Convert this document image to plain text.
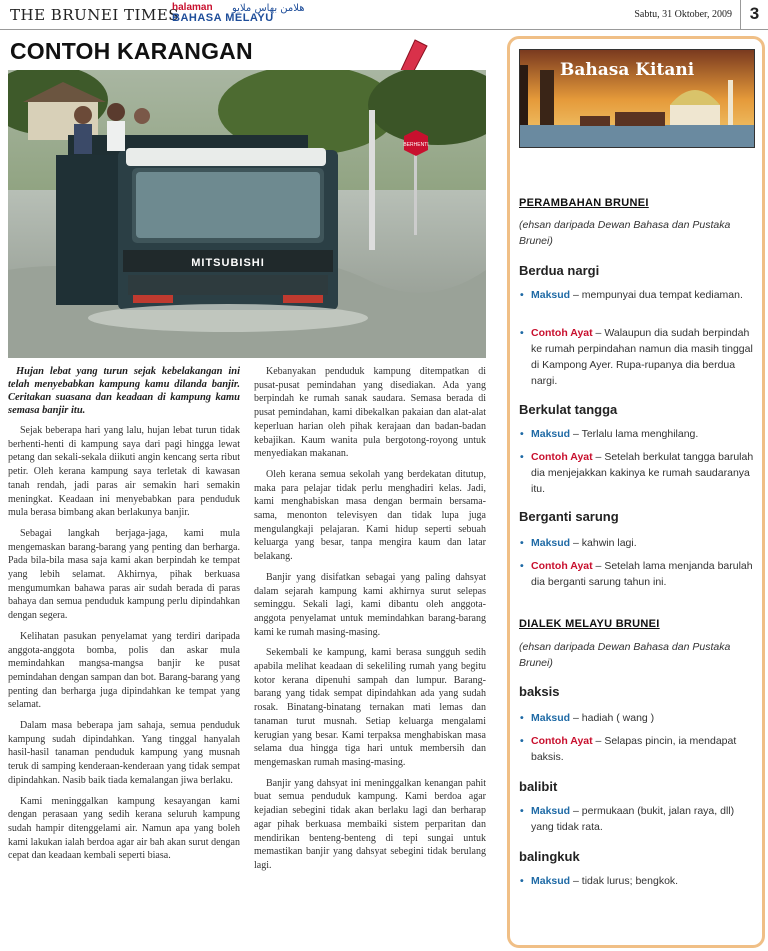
THE BRUNEI TIMES
halaman
BAHASA MELAYU
هلامن بهاس ملايو
Sabtu, 31 Oktober, 2009	3
CONTOH KARANGAN
BERHENTI
MITSUBISHI

Hujan lebat yang turun sejak kebelakangan ini telah menyebabkan kampung kamu dilanda banjir. Ceritakan suasana dan keadaan di kampung kamu semasa banjir itu.

Sejak beberapa hari yang lalu, hujan lebat turun tidak berhenti-henti di kampung saya dari pagi hingga lewat petang dan sekali-sekala diikuti angin kencang serta ribut petir. Oleh kerana kampung saya terletak di kawasan tanah rendah, jadi paras air semakin hari semakin meningkat. Keadaan ini menyebabkan para penduduk mula berasa bimbang akan berlakunya banjir.

Sebagai langkah berjaga-jaga, kami mula mengemaskan barang-barang yang penting dan berharga. Pada bila-bila masa saja kami akan berpindah ke tempat yang lebih selamat. Akhirnya, pihak berkuasa mengumumkan bahawa paras air sudah berada di paras bahaya dan semua penduduk kampung perlu dipindahkan dengan segera.

Kelihatan pasukan penyelamat yang terdiri daripada anggota-anggota bomba, polis dan askar mula memindahkan mangsa-mangsa banjir ke pusat pemindahan dengan sampan dan bot. Barang-barang yang penting dan berharga juga dipindahkan ke tempat yang selamat.

Dalam masa beberapa jam sahaja, semua penduduk kampung sudah dipindahkan. Yang tinggal hanyalah hasil-hasil tanaman penduduk kampung yang musnah teruk di samping kenderaan-kenderaan yang tidak sempat dipindahkan. Nasib baik tiada kemalangan jiwa berlaku.

Kami meninggalkan kampung kesayangan kami dengan perasaan yang sedih kerana seluruh kampung sudah hampir ditenggelami air. Namun apa yang boleh kami lakukan ialah berdoa agar air bah akan surut dengan cepat dan keadaan kembali seperti biasa.

Kebanyakan penduduk kampung ditempatkan di pusat-pusat pemindahan yang disediakan. Ada yang berpindah ke rumah sanak saudara. Semasa berada di pusat pemindahan, kami dibekalkan pakaian dan alat-alat keperluan harian oleh pihak kerajaan dan badan-badan kebajikan. Kaum wanita pula bergotong-royong untuk menyediakan makanan.

Oleh kerana semua sekolah yang berdekatan ditutup, maka para pelajar tidak perlu menghadiri kelas. Jadi, kami menghabiskan masa dengan bermain bersama-sama, menonton televisyen dan tidak lupa juga mengulangkaji pelajaran. Kami hidup seperti sebuah keluarga yang besar, tanpa mengira kaum dan latar belakang.

Banjir yang disifatkan sebagai yang paling dahsyat dalam sejarah kampung kami akhirnya surut selepas seminggu. Sekali lagi, kami dibantu oleh anggota-anggota penyelamat untuk memindahkan barang-barang kami ke rumah masing-masing.

Sekembali ke kampung, kami berasa sungguh sedih apabila melihat keadaan di sekeliling rumah yang begitu kotor kerana dipenuhi sampah dan lumpur. Barang-barang yang tidak sempat dipindahkan ada yang sudah rosak. Binatang-binatang ternakan mati lemas dan tanaman turut musnah. Setiap keluarga mengalami kerugian yang besar. Kami terpaksa menghabiskan masa selama dua hingga tiga hari untuk membersih dan mengemaskan rumah masing-masing.

Banjir yang dahsyat ini meninggalkan kenangan pahit buat semua penduduk kampung. Kami berdoa agar kejadian sebegini tidak akan berlaku lagi dan berharap agar pihak berkuasa membaiki sistem perparitan dan mendirikan benteng-benteng di tepi sungai untuk memastikan banjir yang dahsyat sebegini tidak berulang lagi.

Bahasa Kitani
PERAMBAHAN BRUNEI
(ehsan daripada Dewan Bahasa dan Pustaka Brunei)
Berdua nargi
• Maksud – mempunyai dua tempat kediaman.
• Contoh Ayat – Walaupun dia sudah berpindah ke rumah perpindahan namun dia masih tinggal di Kampong Ayer. Rupa-rupanya dia berdua nargi.
Berkulat tangga
• Maksud – Terlalu lama menghilang.
• Contoh Ayat – Setelah berkulat tangga barulah dia menjejakkan kakinya ke rumah saudaranya itu.
Berganti sarung
• Maksud – kahwin lagi.
• Contoh Ayat – Setelah lama menjanda barulah dia berganti sarung tahun ini.
DIALEK MELAYU BRUNEI
(ehsan daripada Dewan Bahasa dan Pustaka Brunei)
baksis
• Maksud – hadiah ( wang )
• Contoh Ayat – Selapas pincin, ia mendapat baksis.
balibit
• Maksud – permukaan (bukit, jalan raya, dll) yang tidak rata.
balingkuk
• Maksud – tidak lurus; bengkok.
